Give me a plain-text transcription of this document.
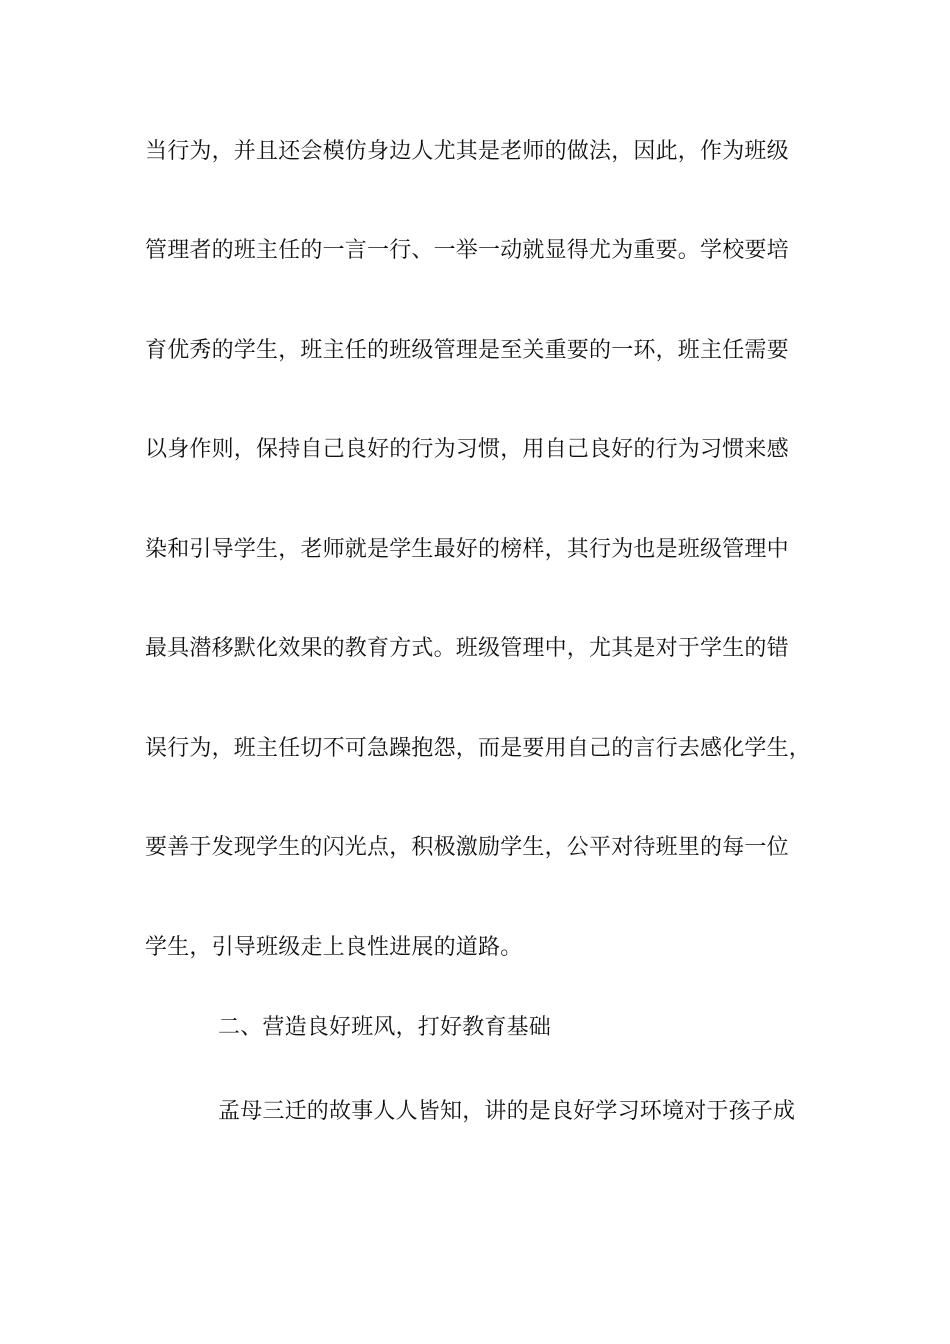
当行为，并且还会模仿身边人尤其是老师的做法，因此，作为班级
管理者的班主任的一言一行、一举一动就显得尤为重要。学校要培
育优秀的学生，班主任的班级管理是至关重要的一环，班主任需要
以身作则，保持自己良好的行为习惯，用自己良好的行为习惯来感
染和引导学生，老师就是学生最好的榜样，其行为也是班级管理中
最具潜移默化效果的教育方式。班级管理中，尤其是对于学生的错
误行为，班主任切不可急躁抱怨，而是要用自己的言行去感化学生，
要善于发现学生的闪光点，积极激励学生，公平对待班里的每一位
学生，引导班级走上良性进展的道路。
二、营造良好班风，打好教育基础
孟母三迁的故事人人皆知，讲的是良好学习环境对于孩子成
